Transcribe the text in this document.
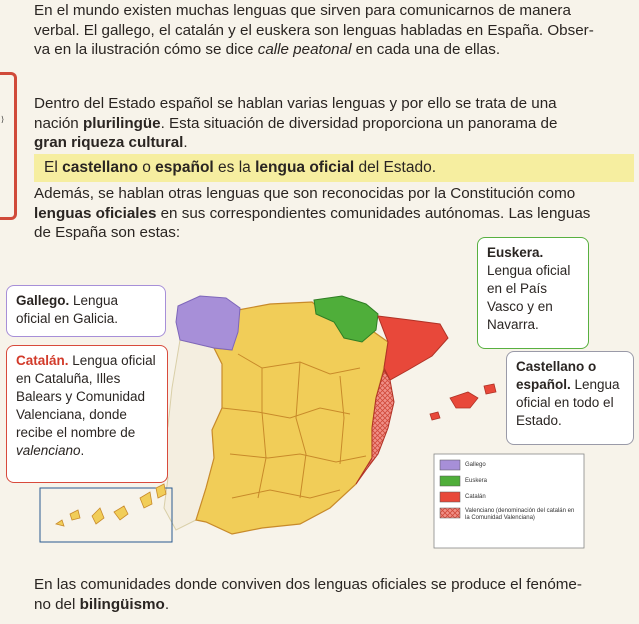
⟩

En el mundo existen muchas lenguas que sirven para comunicarnos de manera
verbal. El gallego, el catalán y el euskera son lenguas habladas en España. Obser-
va en la ilustración cómo se dice calle peatonal en cada una de ellas.

Dentro del Estado español se hablan varias lenguas y por ello se trata de una
nación plurilingüe. Esta situación de diversidad proporciona un panorama de
gran riqueza cultural.

El castellano o español es la lengua oficial del Estado.

Además, se hablan otras lenguas que son reconocidas por la Constitución como
lenguas oficiales en sus correspondientes comunidades autónomas. Las lenguas
de España son estas:

Gallego
Euskera
Catalán
Valenciano (denominación del catalán en la Comunidad Valenciana)
Gallego. Lengua oficial en Galicia.
Catalán. Lengua oficial en Cataluña, Illes Balears y Comunidad Valenciana, donde recibe el nombre de valenciano.
Euskera.
Lengua oficial en el País Vasco y en Navarra.
Castellano o español. Lengua oficial en todo el Estado.

En las comunidades donde conviven dos lenguas oficiales se produce el fenóme-
no del bilingüismo.
